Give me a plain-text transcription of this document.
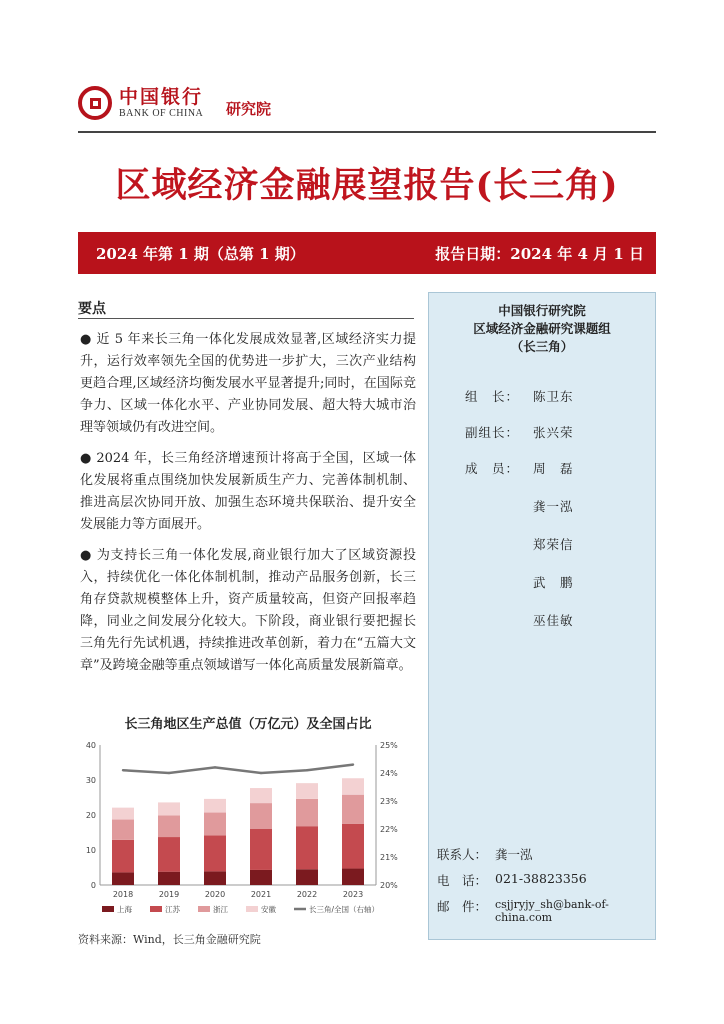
中国银行
BANK OF CHINA 研究院
区域经济金融展望报告(长三角)
2024 年第 1 期（总第 1 期）	报告日期：2024 年 4 月 1 日
要点

● 近 5 年来长三角一体化发展成效显著,区域经济实力提升，运行效率领先全国的优势进一步扩大，三次产业结构更趋合理,区域经济均衡发展水平显著提升;同时，在国际竞争力、区域一体化水平、产业协同发展、超大特大城市治理等领域仍有改进空间。

● 2024 年，长三角经济增速预计将高于全国，区域一体化发展将重点围绕加快发展新质生产力、完善体制机制、推进高层次协同开放、加强生态环境共保联治、提升安全发展能力等方面展开。

● 为支持长三角一体化发展,商业银行加大了区域资源投入，持续优化一体化体制机制，推动产品服务创新，长三角存贷款规模整体上升，资产质量较高，但资产回报率趋降，同业之间发展分化较大。下阶段，商业银行要把握长三角先行先试机遇，持续推进改革创新，着力在“五篇大文章”及跨境金融等重点领域谱写一体化高质量发展新篇章。

长三角地区生产总值（万亿元）及全国占比
0
10
20
30
40
20%
21%
22%
23%
24%
25%
2018	2019	2020	2021	2022	2023
上海	江苏	浙江	安徽	长三角/全国（右轴）
资料来源：Wind，长三角金融研究院
中国银行研究院
区域经济金融研究课题组
（长三角）
组　长： 陈卫东
副组长： 张兴荣
成　员： 周　磊
龚一泓
郑荣信
武　鹏
巫佳敏
联系人： 龚一泓
电　话： 021-38823356
邮　件： csjjryjy_sh@bank-of-china.com
